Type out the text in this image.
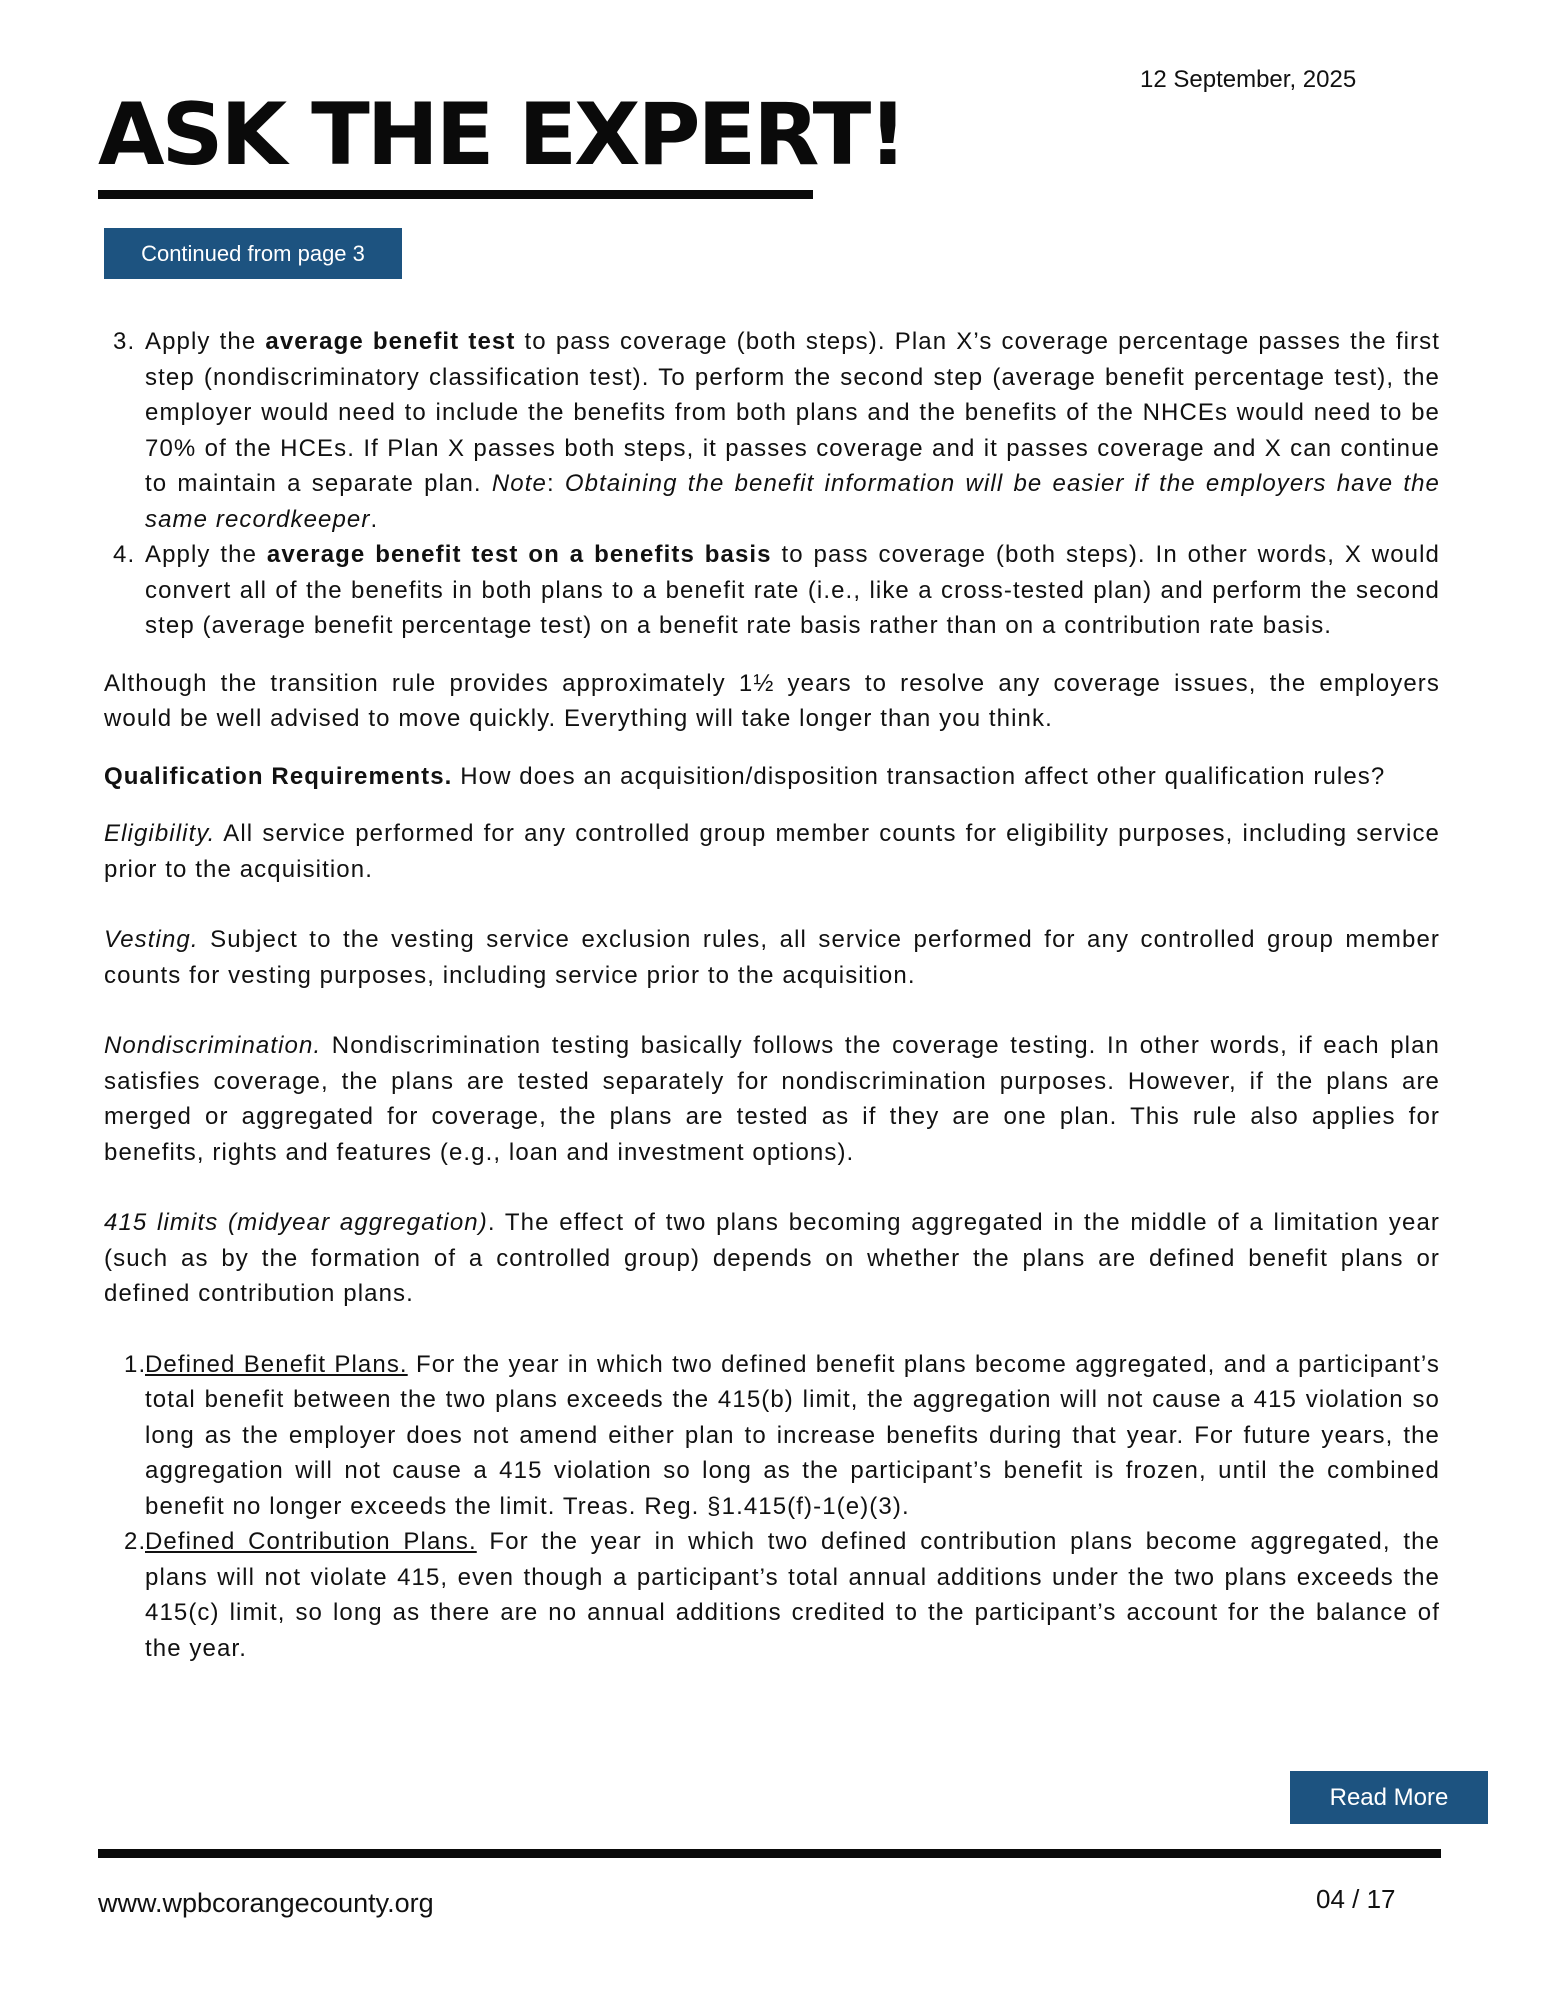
12 September, 2025
ASK THE EXPERT!
Continued from page 3
3. Apply the average benefit test to pass coverage (both steps). Plan X’s coverage percentage passes the first step (nondiscriminatory classification test). To perform the second step (average benefit percentage test), the employer would need to include the benefits from both plans and the benefits of the NHCEs would need to be 70% of the HCEs. If Plan X passes both steps, it passes coverage and it passes coverage and X can continue to maintain a separate plan. Note: Obtaining the benefit information will be easier if the employers have the same recordkeeper.

4. Apply the average benefit test on a benefits basis to pass coverage (both steps). In other words, X would convert all of the benefits in both plans to a benefit rate (i.e., like a cross-tested plan) and perform the second step (average benefit percentage test) on a benefit rate basis rather than on a contribution rate basis.

Although the transition rule provides approximately 1½ years to resolve any coverage issues, the employers would be well advised to move quickly. Everything will take longer than you think.

Qualification Requirements. How does an acquisition/disposition transaction affect other qualification rules?

Eligibility. All service performed for any controlled group member counts for eligibility purposes, including service prior to the acquisition.

Vesting. Subject to the vesting service exclusion rules, all service performed for any controlled group member counts for vesting purposes, including service prior to the acquisition.

Nondiscrimination. Nondiscrimination testing basically follows the coverage testing. In other words, if each plan satisfies coverage, the plans are tested separately for nondiscrimination purposes. However, if the plans are merged or aggregated for coverage, the plans are tested as if they are one plan. This rule also applies for benefits, rights and features (e.g., loan and investment options).

415 limits (midyear aggregation). The effect of two plans becoming aggregated in the middle of a limitation year (such as by the formation of a controlled group) depends on whether the plans are defined benefit plans or defined contribution plans.

1.

Defined Benefit Plans. For the year in which two defined benefit plans become aggregated, and a participant’s total benefit between the two plans exceeds the 415(b) limit, the aggregation will not cause a 415 violation so long as the employer does not amend either plan to increase benefits during that year. For future years, the aggregation will not cause a 415 violation so long as the participant’s benefit is frozen, until the combined benefit no longer exceeds the limit. Treas. Reg. §1.415(f)-1(e)(3).

2.

Defined Contribution Plans. For the year in which two defined contribution plans become aggregated, the plans will not violate 415, even though a participant’s total annual additions under the two plans exceeds the 415(c) limit, so long as there are no annual additions credited to the participant’s account for the balance of the year.

Read More
www.wpbcorangecounty.org	04 / 17
